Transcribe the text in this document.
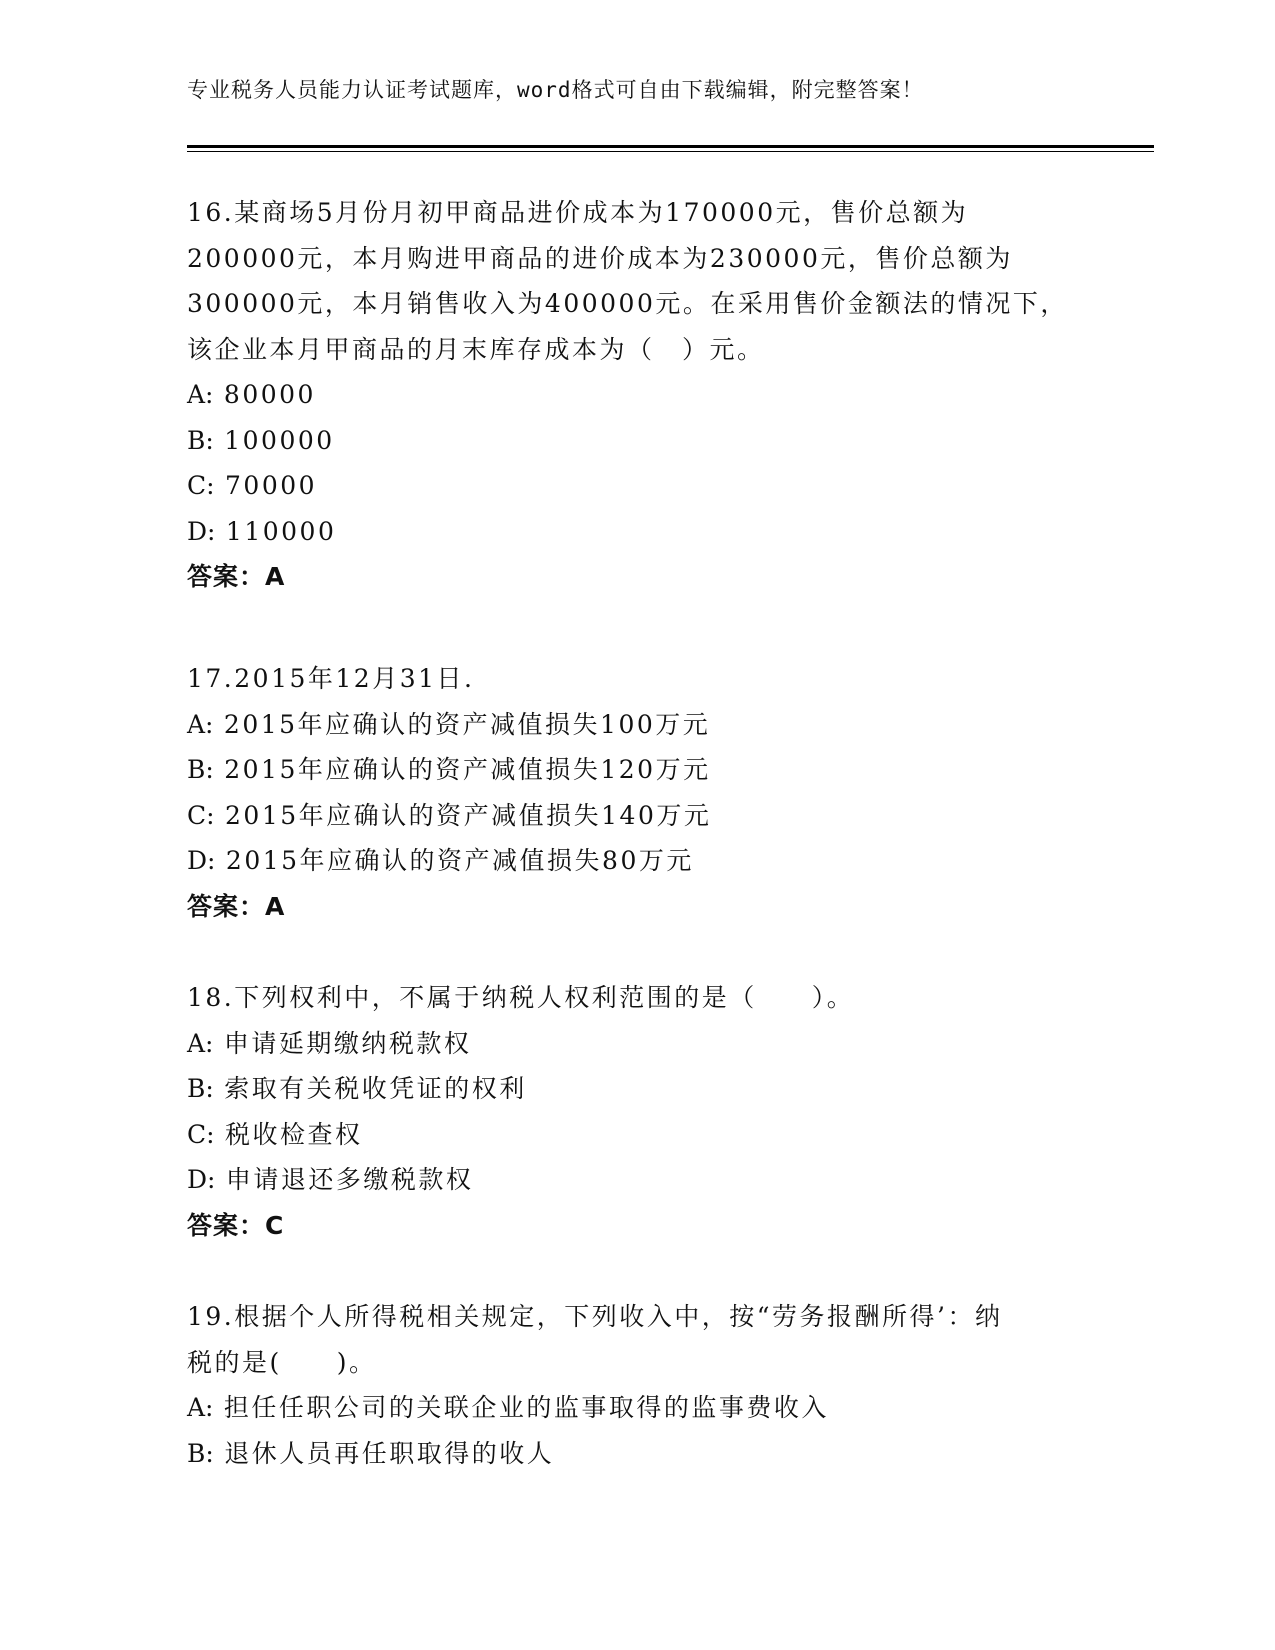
专业税务人员能力认证考试题库，word格式可自由下载编辑，附完整答案！
16.某商场5月份月初甲商品进价成本为170000元，售价总额为
200000元，本月购进甲商品的进价成本为230000元，售价总额为
300000元，本月销售收入为400000元。在采用售价金额法的情况下，
该企业本月甲商品的月末库存成本为（　）元。
A: 80000
B: 100000
C: 70000
D: 110000
答案：A
17.2015年12月31日.
A: 2015年应确认的资产减值损失100万元
B: 2015年应确认的资产减值损失120万元
C: 2015年应确认的资产减值损失140万元
D: 2015年应确认的资产减值损失80万元
答案：A
18.下列权利中，不属于纳税人权利范围的是（　　）。
A: 申请延期缴纳税款权
B: 索取有关税收凭证的权利
C: 税收检查权
D: 申请退还多缴税款权
答案：C
19.根据个人所得税相关规定，下列收入中，按“劳务报酬所得’：纳
税的是(　　)。
A: 担任任职公司的关联企业的监事取得的监事费收入
B: 退休人员再任职取得的收人
